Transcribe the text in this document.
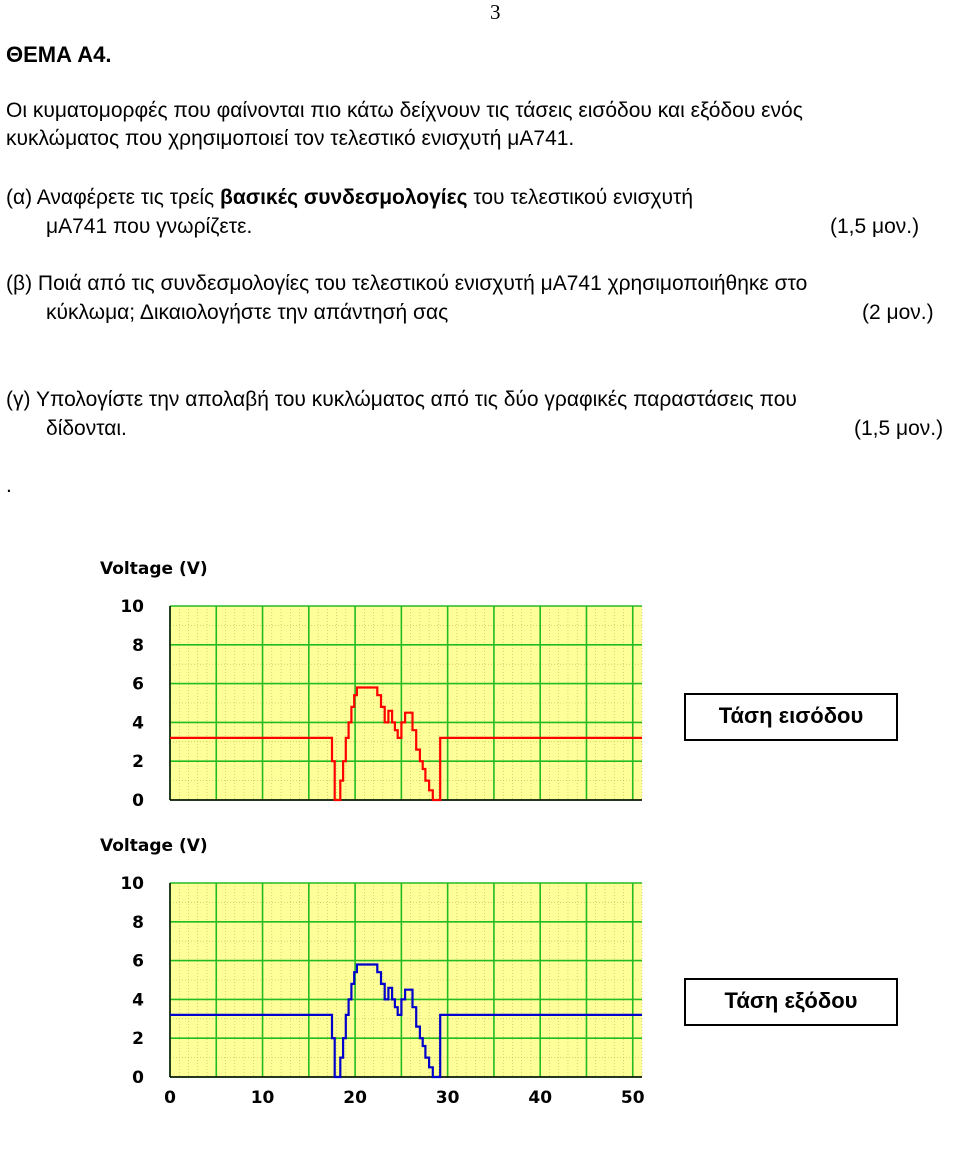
3
ΘΕΜΑ Α4.
Οι κυματομορφές που φαίνονται πιο κάτω δείχνουν τις τάσεις εισόδου και εξόδου ενός
κυκλώματος που χρησιμοποιεί τον τελεστικό ενισχυτή μA741.
(α) Αναφέρετε τις τρείς βασικές συνδεσμολογίες του τελεστικού ενισχυτή
μA741 που γνωρίζετε.	(1,5 μον.)
(β) Ποιά από τις συνδεσμολογίες του τελεστικού ενισχυτή μA741 χρησιμοποιήθηκε στο
κύκλωμα; Δικαιολογήστε την απάντησή σας	(2 μον.)
(γ) Υπολογίστε την απολαβή του κυκλώματος από τις δύο γραφικές παραστάσεις που
δίδονται.	(1,5 μον.)
.
Voltage (V)
10
8
6
4
2
0
Voltage (V)
10
8
6
4
2
0
0	10	20	30	40	50
Τάση εισόδου
Τάση εξόδου
